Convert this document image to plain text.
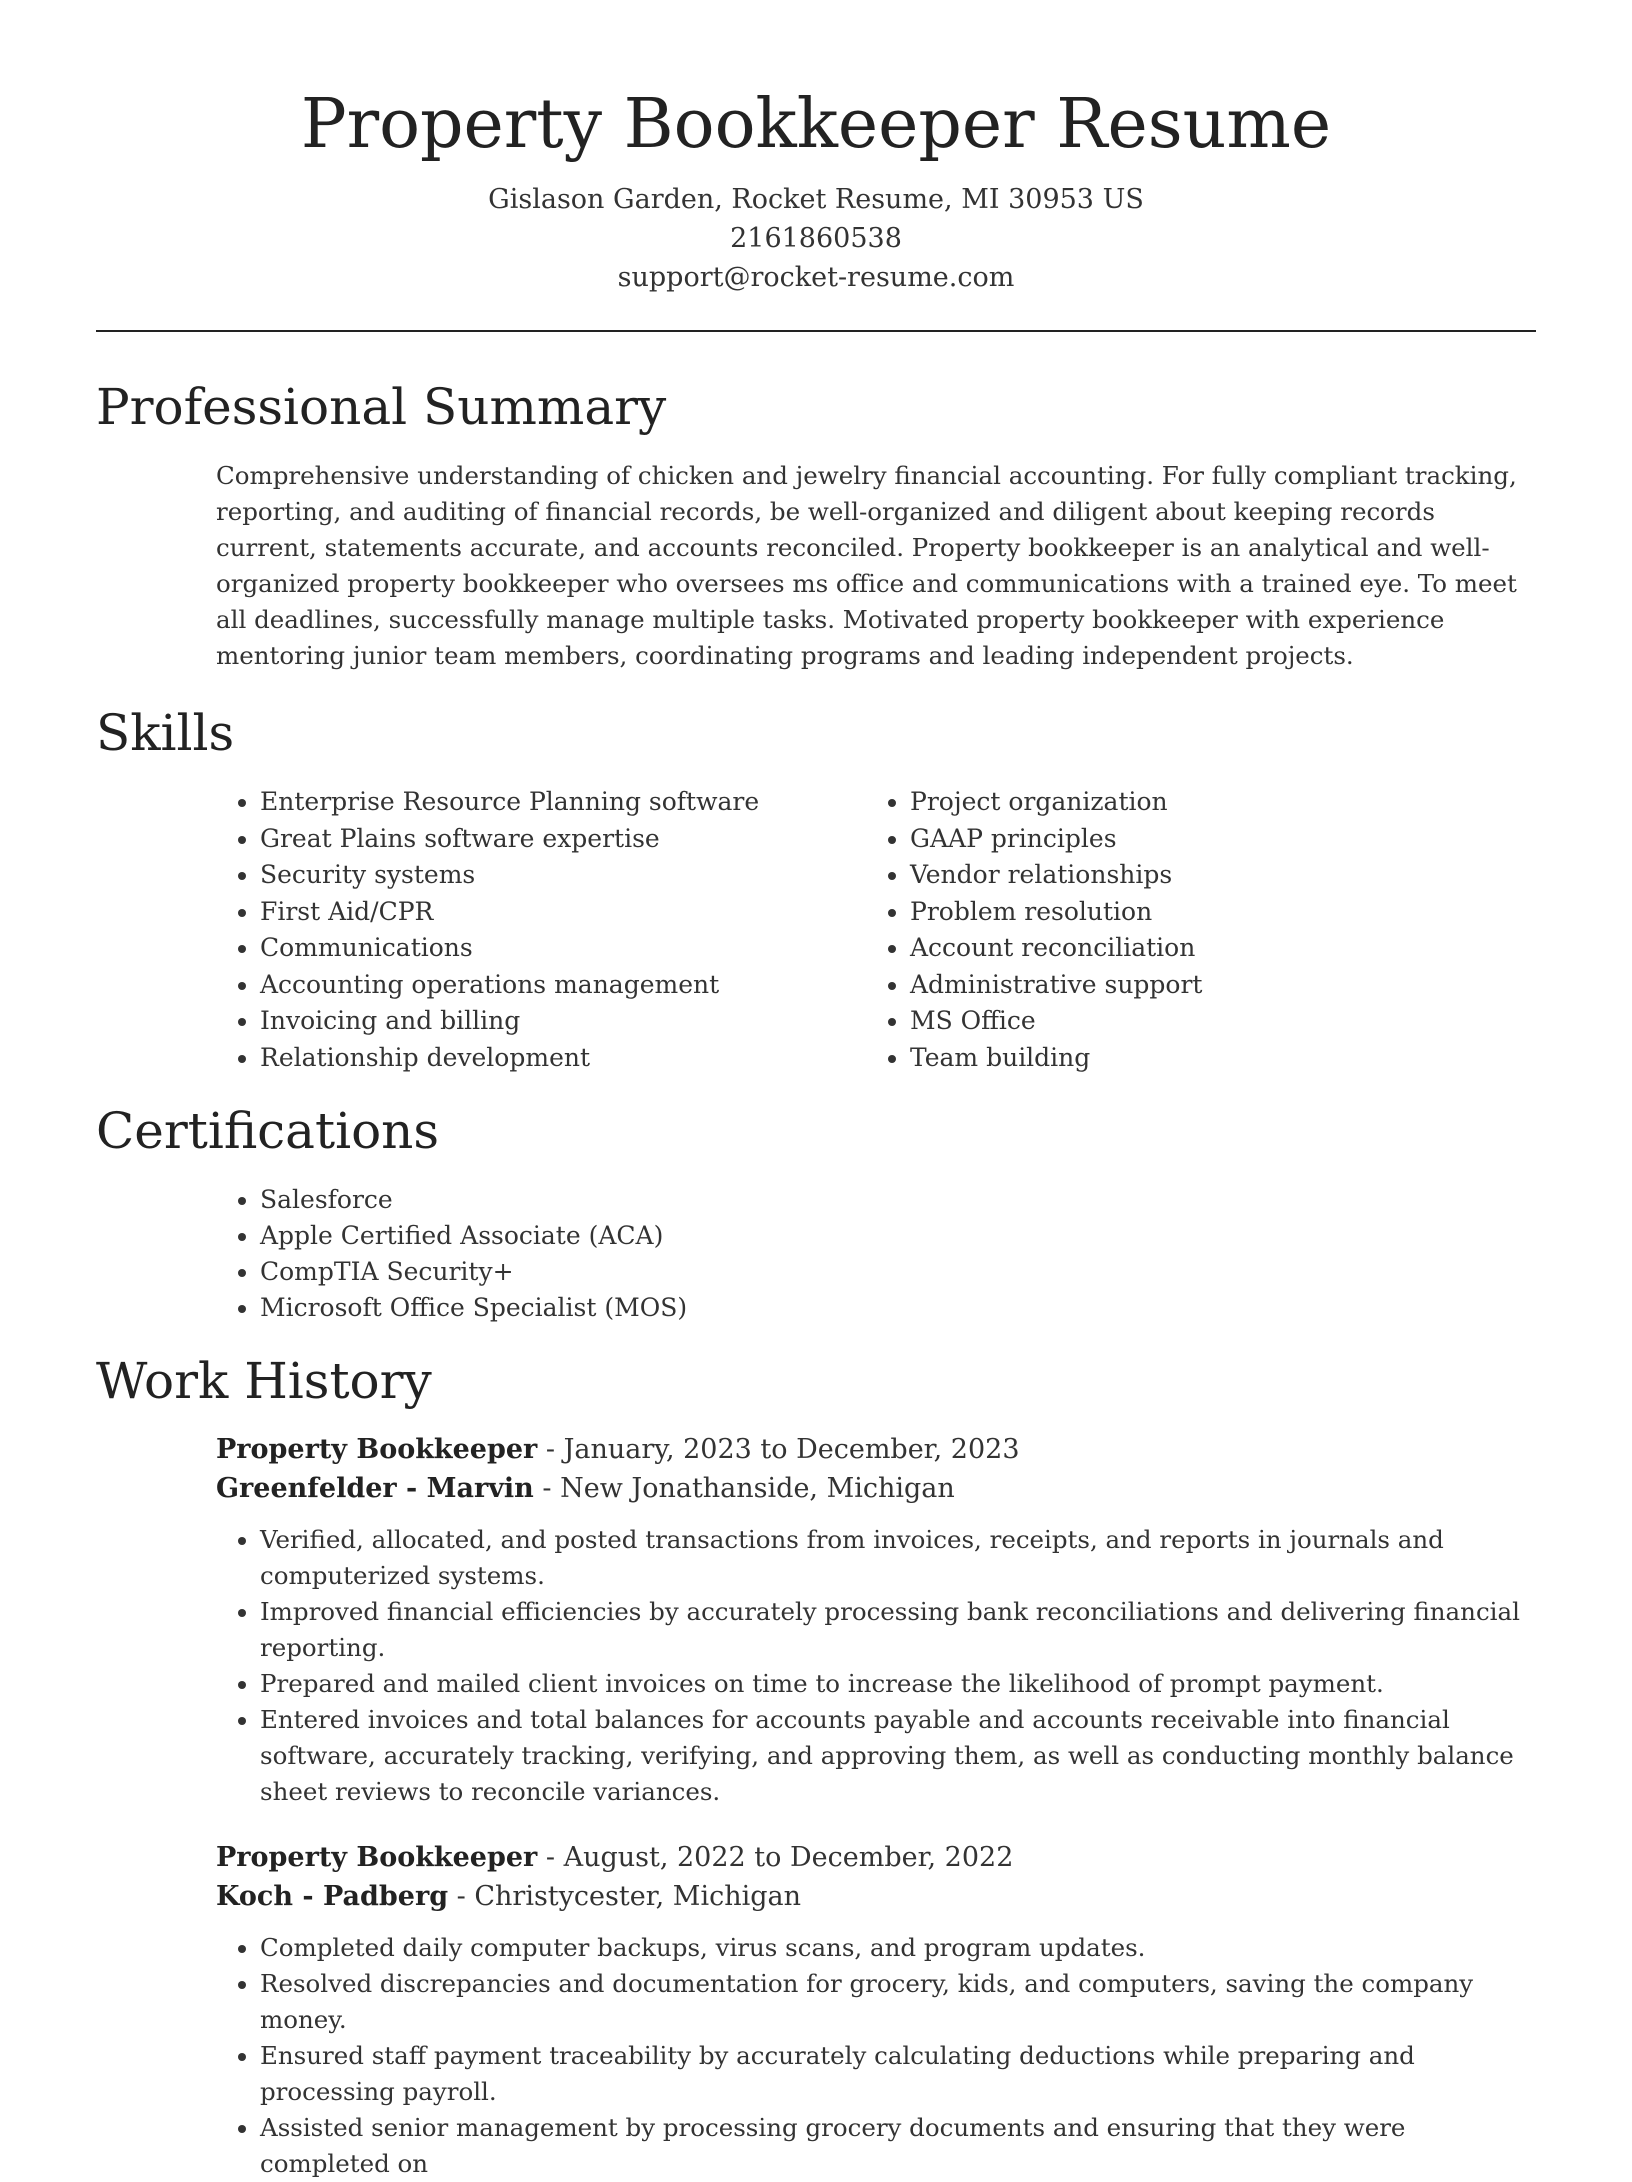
Property Bookkeeper Resume
Gislason Garden, Rocket Resume, MI 30953 US
2161860538
support@rocket-resume.com
Professional Summary

Comprehensive understanding of chicken and jewelry financial accounting. For fully compliant tracking, reporting, and auditing of financial records, be well-organized and diligent about keeping records current, statements accurate, and accounts reconciled. Property bookkeeper is an analytical and well-organized property bookkeeper who oversees ms office and communications with a trained eye. To meet all deadlines, successfully manage multiple tasks. Motivated property bookkeeper with experience mentoring junior team members, coordinating programs and leading independent projects.

Skills
• Enterprise Resource Planning software
• Great Plains software expertise
• Security systems
• First Aid/CPR
• Communications
• Accounting operations management
• Invoicing and billing
• Relationship development
• Project organization
• GAAP principles
• Vendor relationships
• Problem resolution
• Account reconciliation
• Administrative support
• MS Office
• Team building
Certifications
• Salesforce
• Apple Certified Associate (ACA)
• CompTIA Security+
• Microsoft Office Specialist (MOS)
Work History
Property Bookkeeper - January, 2023 to December, 2023
Greenfelder - Marvin - New Jonathanside, Michigan
• Verified, allocated, and posted transactions from invoices, receipts, and reports in journals and computerized systems.
• Improved financial efficiencies by accurately processing bank reconciliations and delivering financial reporting.
• Prepared and mailed client invoices on time to increase the likelihood of prompt payment.
• Entered invoices and total balances for accounts payable and accounts receivable into financial software, accurately tracking, verifying, and approving them, as well as conducting monthly balance sheet reviews to reconcile variances.
Property Bookkeeper - August, 2022 to December, 2022
Koch - Padberg - Christycester, Michigan
• Completed daily computer backups, virus scans, and program updates.
• Resolved discrepancies and documentation for grocery, kids, and computers, saving the company money.
• Ensured staff payment traceability by accurately calculating deductions while preparing and processing payroll.
• Assisted senior management by processing grocery documents and ensuring that they were completed on
